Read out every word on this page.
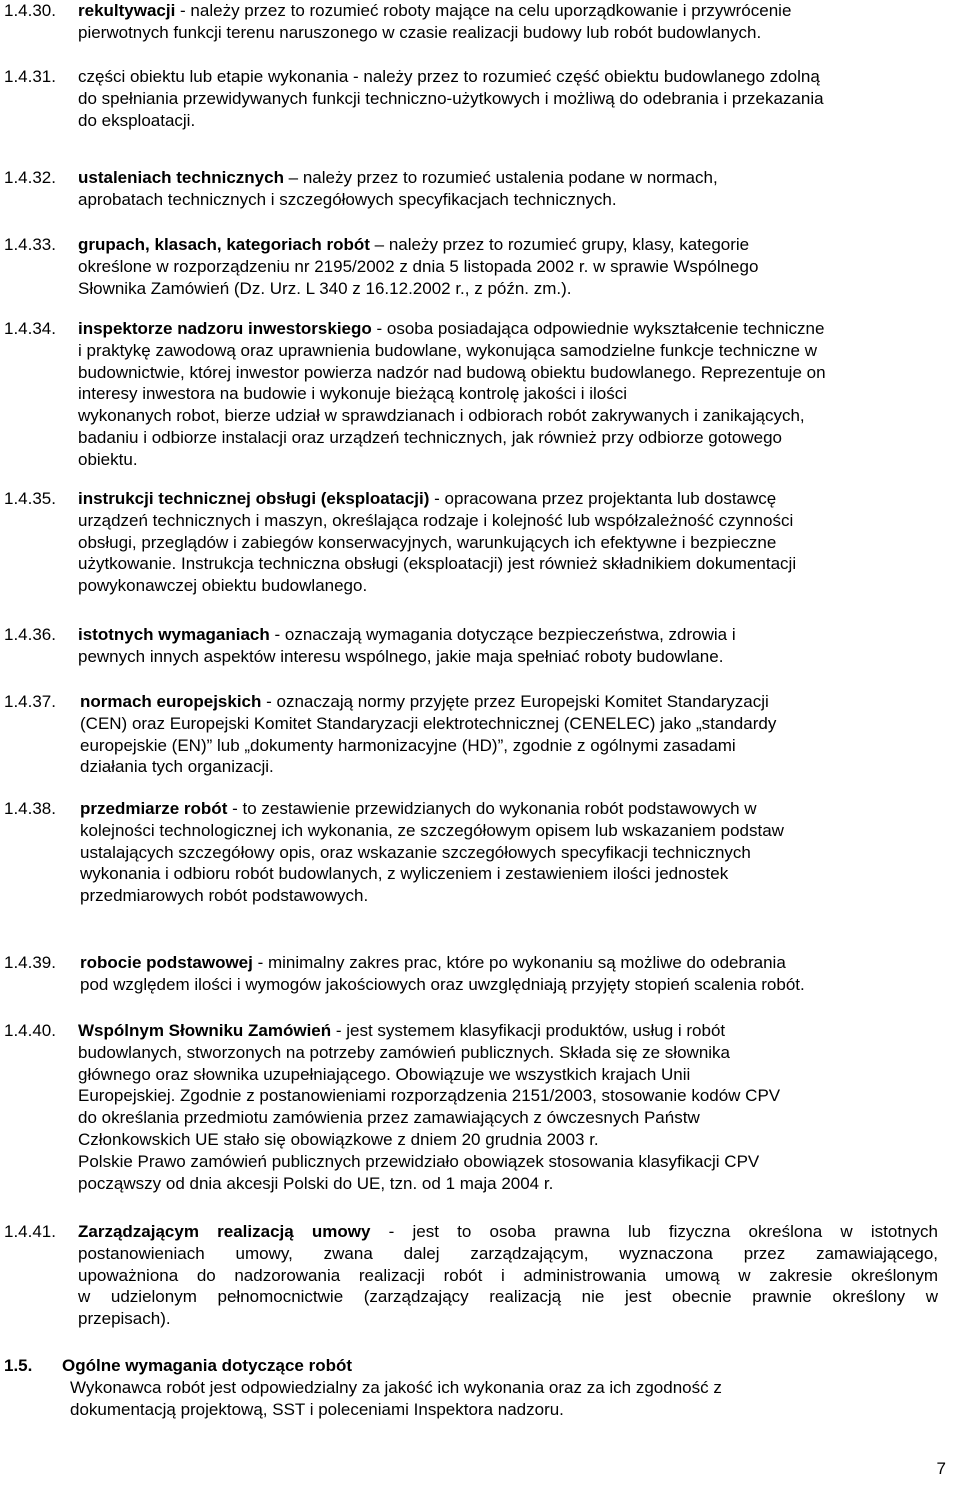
1.4.30. rekultywacji - należy przez to rozumieć roboty mające na celu uporządkowanie i przywrócenie
pierwotnych funkcji terenu naruszonego w czasie realizacji budowy lub robót budowlanych.
1.4.31. części obiektu lub etapie wykonania - należy przez to rozumieć część obiektu budowlanego zdolną
do spełniania przewidywanych funkcji techniczno-użytkowych i możliwą do odebrania i przekazania
do eksploatacji.
1.4.32. ustaleniach technicznych – należy przez to rozumieć ustalenia podane w normach,
aprobatach technicznych i szczegółowych specyfikacjach technicznych.
1.4.33. grupach, klasach, kategoriach robót – należy przez to rozumieć grupy, klasy, kategorie
określone w rozporządzeniu nr 2195/2002 z dnia 5 listopada 2002 r. w sprawie Wspólnego
Słownika Zamówień (Dz. Urz. L 340 z 16.12.2002 r., z późn. zm.).
1.4.34. inspektorze nadzoru inwestorskiego - osoba posiadająca odpowiednie wykształcenie techniczne
i praktykę zawodową oraz uprawnienia budowlane, wykonująca samodzielne funkcje techniczne w
budownictwie, której inwestor powierza nadzór nad budową obiektu budowlanego. Reprezentuje on
interesy inwestora na budowie i wykonuje bieżącą kontrolę jakości i ilości
wykonanych robot, bierze udział w sprawdzianach i odbiorach robót zakrywanych i zanikających,
badaniu i odbiorze instalacji oraz urządzeń technicznych, jak również przy odbiorze gotowego
obiektu.
1.4.35. instrukcji technicznej obsługi (eksploatacji) - opracowana przez projektanta lub dostawcę
urządzeń technicznych i maszyn, określająca rodzaje i kolejność lub współzależność czynności
obsługi, przeglądów i zabiegów konserwacyjnych, warunkujących ich efektywne i bezpieczne
użytkowanie. Instrukcja techniczna obsługi (eksploatacji) jest również składnikiem dokumentacji
powykonawczej obiektu budowlanego.
1.4.36. istotnych wymaganiach - oznaczają wymagania dotyczące bezpieczeństwa, zdrowia i
pewnych innych aspektów interesu wspólnego, jakie maja spełniać roboty budowlane.
1.4.37. normach europejskich - oznaczają normy przyjęte przez Europejski Komitet Standaryzacji
(CEN) oraz Europejski Komitet Standaryzacji elektrotechnicznej (CENELEC) jako „standardy
europejskie (EN)” lub „dokumenty harmonizacyjne (HD)”, zgodnie z ogólnymi zasadami
działania tych organizacji.
1.4.38. przedmiarze robót - to zestawienie przewidzianych do wykonania robót podstawowych w
kolejności technologicznej ich wykonania, ze szczegółowym opisem lub wskazaniem podstaw
ustalających szczegółowy opis, oraz wskazanie szczegółowych specyfikacji technicznych
wykonania i odbioru robót budowlanych, z wyliczeniem i zestawieniem ilości jednostek
przedmiarowych robót podstawowych.
1.4.39. robocie podstawowej - minimalny zakres prac, które po wykonaniu są możliwe do odebrania
pod względem ilości i wymogów jakościowych oraz uwzględniają przyjęty stopień scalenia robót.
1.4.40. Wspólnym Słowniku Zamówień - jest systemem klasyfikacji produktów, usług i robót
budowlanych, stworzonych na potrzeby zamówień publicznych. Składa się ze słownika
głównego oraz słownika uzupełniającego. Obowiązuje we wszystkich krajach Unii
Europejskiej. Zgodnie z postanowieniami rozporządzenia 2151/2003, stosowanie kodów CPV
do określania przedmiotu zamówienia przez zamawiających z ówczesnych Państw
Członkowskich UE stało się obowiązkowe z dniem 20 grudnia 2003 r.
Polskie Prawo zamówień publicznych przewidziało obowiązek stosowania klasyfikacji CPV
począwszy od dnia akcesji Polski do UE, tzn. od 1 maja 2004 r.
1.4.41. Zarządzającym realizacją umowy - jest to osoba prawna lub fizyczna określona w istotnych
postanowieniach umowy, zwana dalej zarządzającym, wyznaczona przez zamawiającego,
upoważniona do nadzorowania realizacji robót i administrowania umową w zakresie określonym
w udzielonym pełnomocnictwie (zarządzający realizacją nie jest obecnie prawnie określony w
przepisach).
1.5. Ogólne wymagania dotyczące robót
Wykonawca robót jest odpowiedzialny za jakość ich wykonania oraz za ich zgodność z
dokumentacją projektową, SST i poleceniami Inspektora nadzoru.
7
